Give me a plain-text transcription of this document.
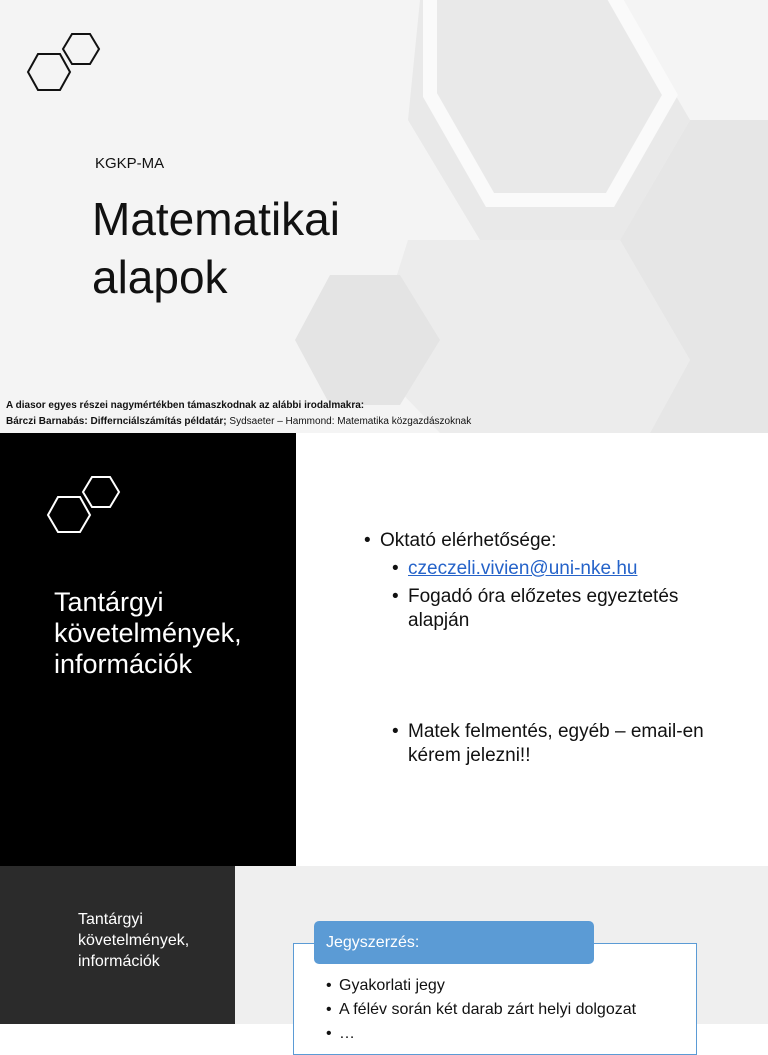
KGKP-MA
Matematikai
alapok
A diasor egyes részei nagymértékben támaszkodnak az alábbi irodalmakra:
Bárczi Barnabás: Differnciálszámítás példatár; Sydsaeter – Hammond: Matematika közgazdászoknak
Tantárgyi
követelmények,
információk
• Oktató elérhetősége:
• czeczeli.vivien@uni-nke.hu
• Fogadó óra előzetes egyeztetés alapján
• Matek felmentés, egyéb – email-en kérem jelezni!!
Tantárgyi
követelmények,
információk
Jegyszerzés:
• Gyakorlati jegy
• A félév során két darab zárt helyi dolgozat
• …
